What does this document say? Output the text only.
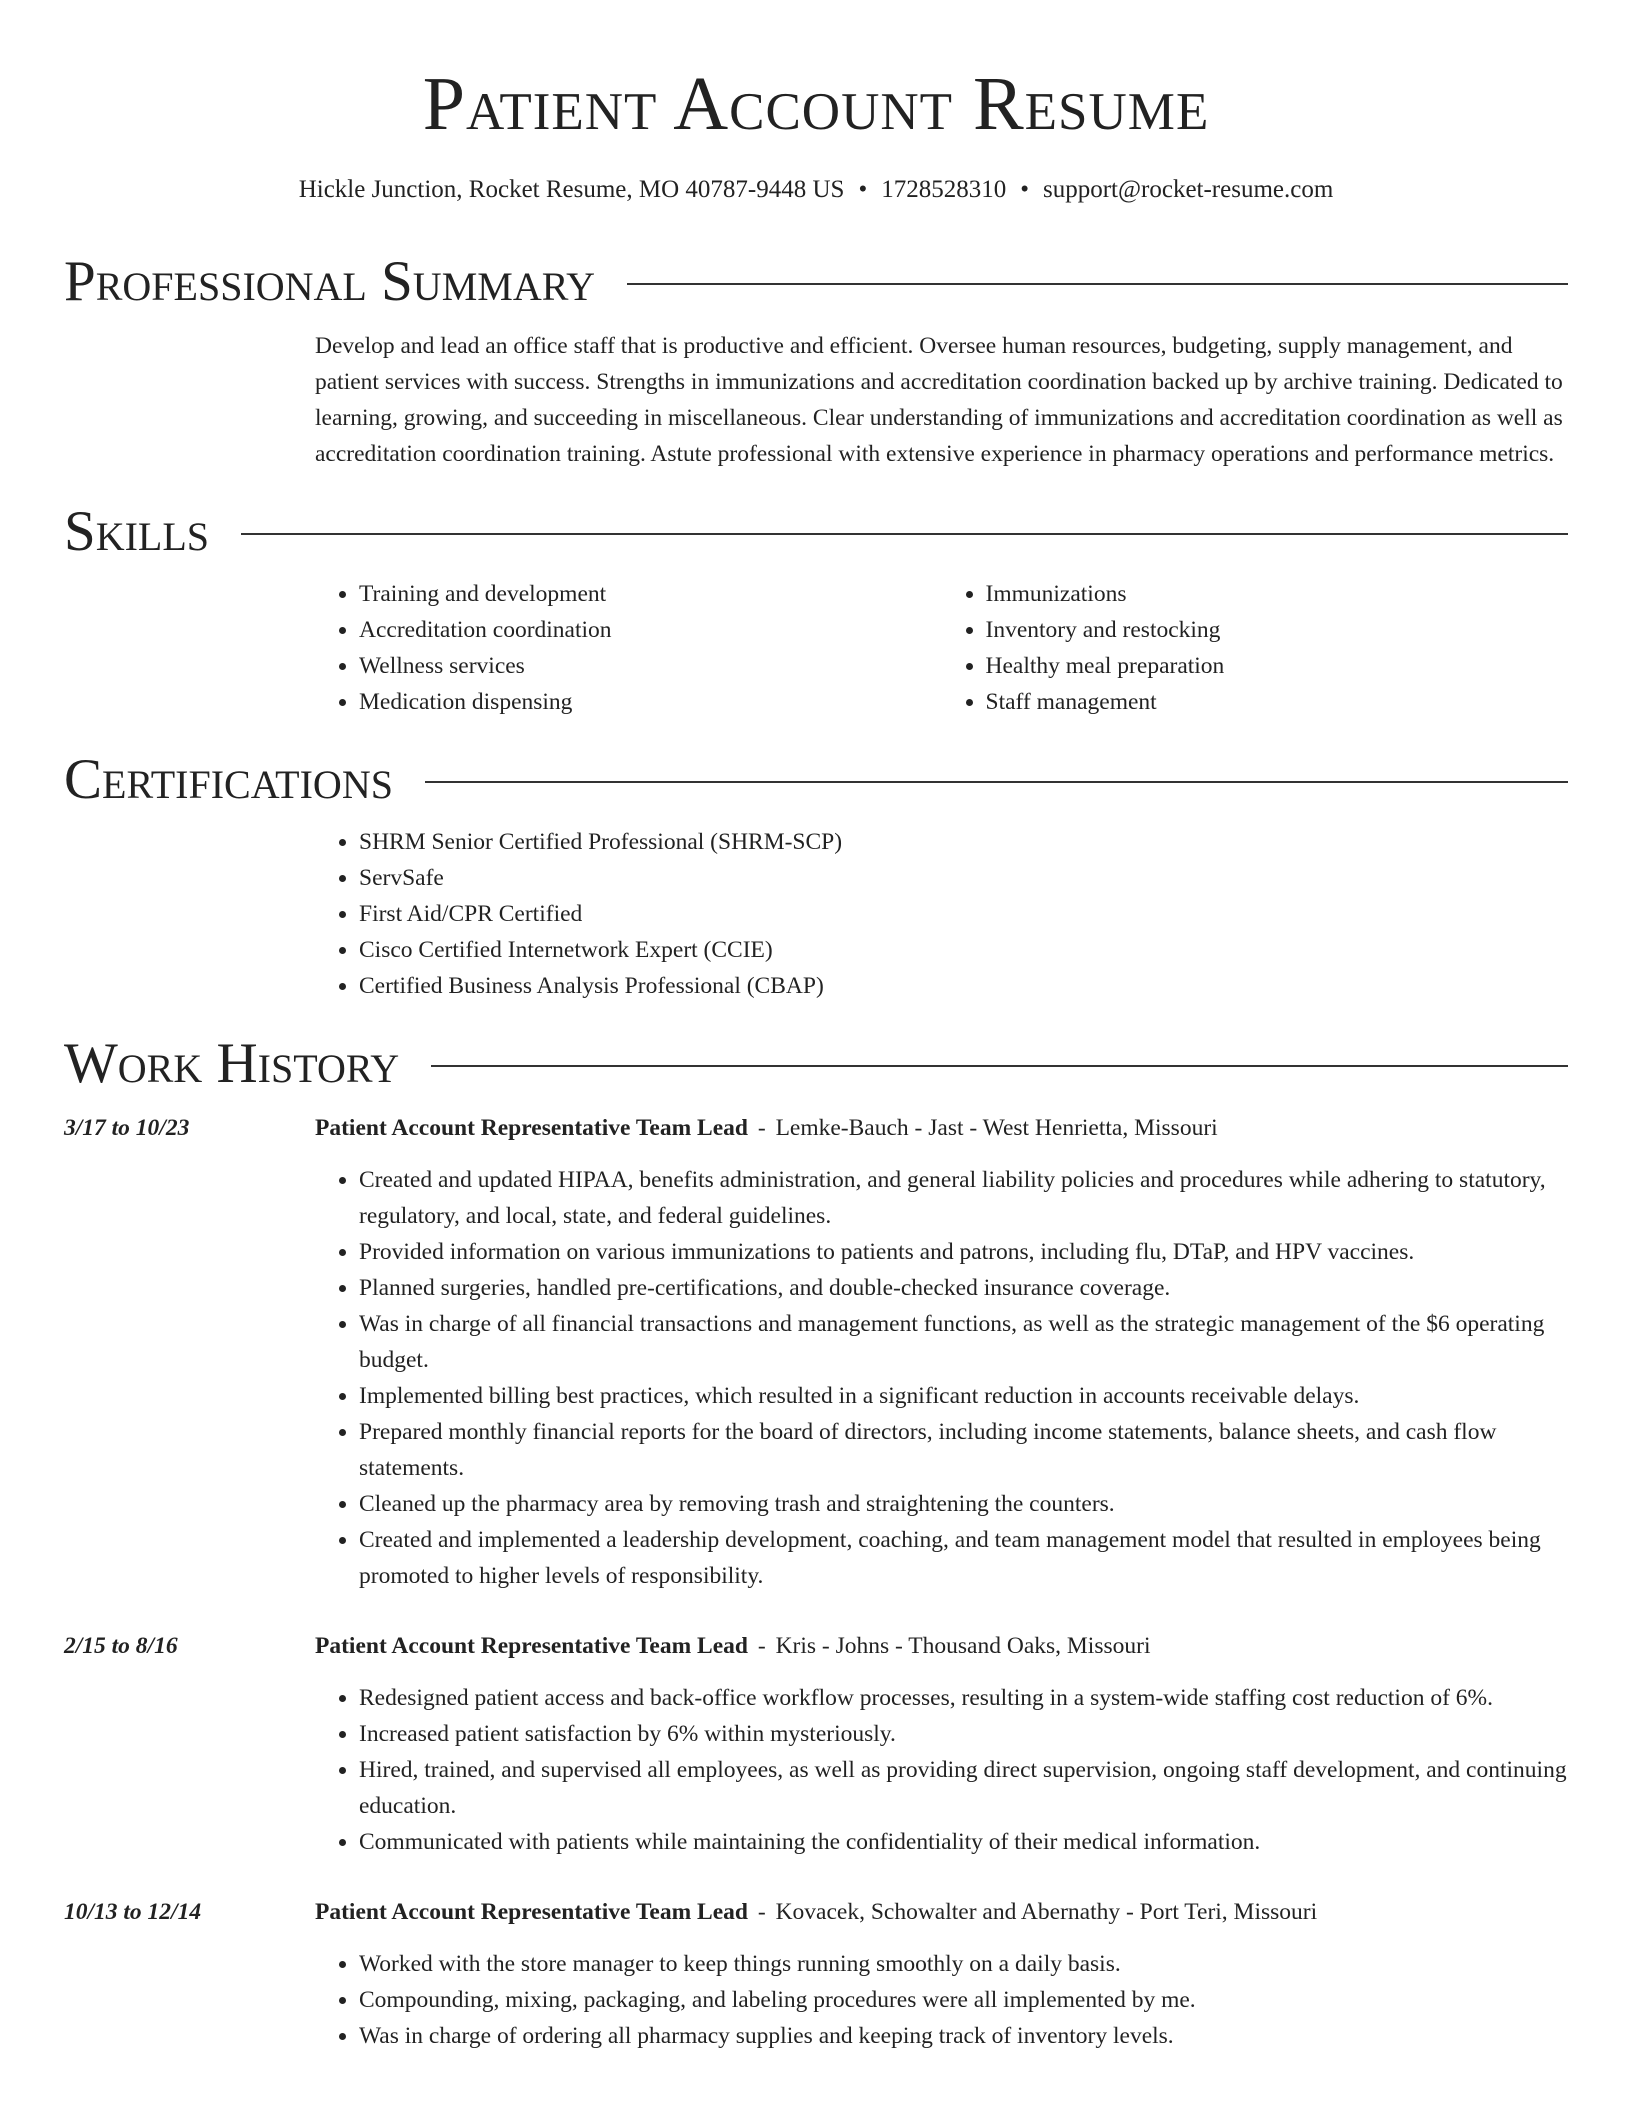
Patient Account Resume
Hickle Junction, Rocket Resume, MO 40787-9448 US • 1728528310 • support@rocket-resume.com
Professional Summary

Develop and lead an office staff that is productive and efficient. Oversee human resources, budgeting, supply management, and patient services with success. Strengths in immunizations and accreditation coordination backed up by archive training. Dedicated to learning, growing, and succeeding in miscellaneous. Clear understanding of immunizations and accreditation coordination as well as accreditation coordination training. Astute professional with extensive experience in pharmacy operations and performance metrics.

Skills
• Training and development
• Accreditation coordination
• Wellness services
• Medication dispensing
• Immunizations
• Inventory and restocking
• Healthy meal preparation
• Staff management
Certifications
• SHRM Senior Certified Professional (SHRM-SCP)
• ServSafe
• First Aid/CPR Certified
• Cisco Certified Internetwork Expert (CCIE)
• Certified Business Analysis Professional (CBAP)
Work History
3/17 to 10/23	Patient Account Representative Team Lead - Lemke-Bauch - Jast - West Henrietta, Missouri
• Created and updated HIPAA, benefits administration, and general liability policies and procedures while adhering to statutory, regulatory, and local, state, and federal guidelines.
• Provided information on various immunizations to patients and patrons, including flu, DTaP, and HPV vaccines.
• Planned surgeries, handled pre-certifications, and double-checked insurance coverage.
• Was in charge of all financial transactions and management functions, as well as the strategic management of the $6 operating budget.
• Implemented billing best practices, which resulted in a significant reduction in accounts receivable delays.
• Prepared monthly financial reports for the board of directors, including income statements, balance sheets, and cash flow statements.
• Cleaned up the pharmacy area by removing trash and straightening the counters.
• Created and implemented a leadership development, coaching, and team management model that resulted in employees being promoted to higher levels of responsibility.
2/15 to 8/16	Patient Account Representative Team Lead - Kris - Johns - Thousand Oaks, Missouri
• Redesigned patient access and back-office workflow processes, resulting in a system-wide staffing cost reduction of 6%.
• Increased patient satisfaction by 6% within mysteriously.
• Hired, trained, and supervised all employees, as well as providing direct supervision, ongoing staff development, and continuing education.
• Communicated with patients while maintaining the confidentiality of their medical information.
10/13 to 12/14	Patient Account Representative Team Lead - Kovacek, Schowalter and Abernathy - Port Teri, Missouri
• Worked with the store manager to keep things running smoothly on a daily basis.
• Compounding, mixing, packaging, and labeling procedures were all implemented by me.
• Was in charge of ordering all pharmacy supplies and keeping track of inventory levels.
